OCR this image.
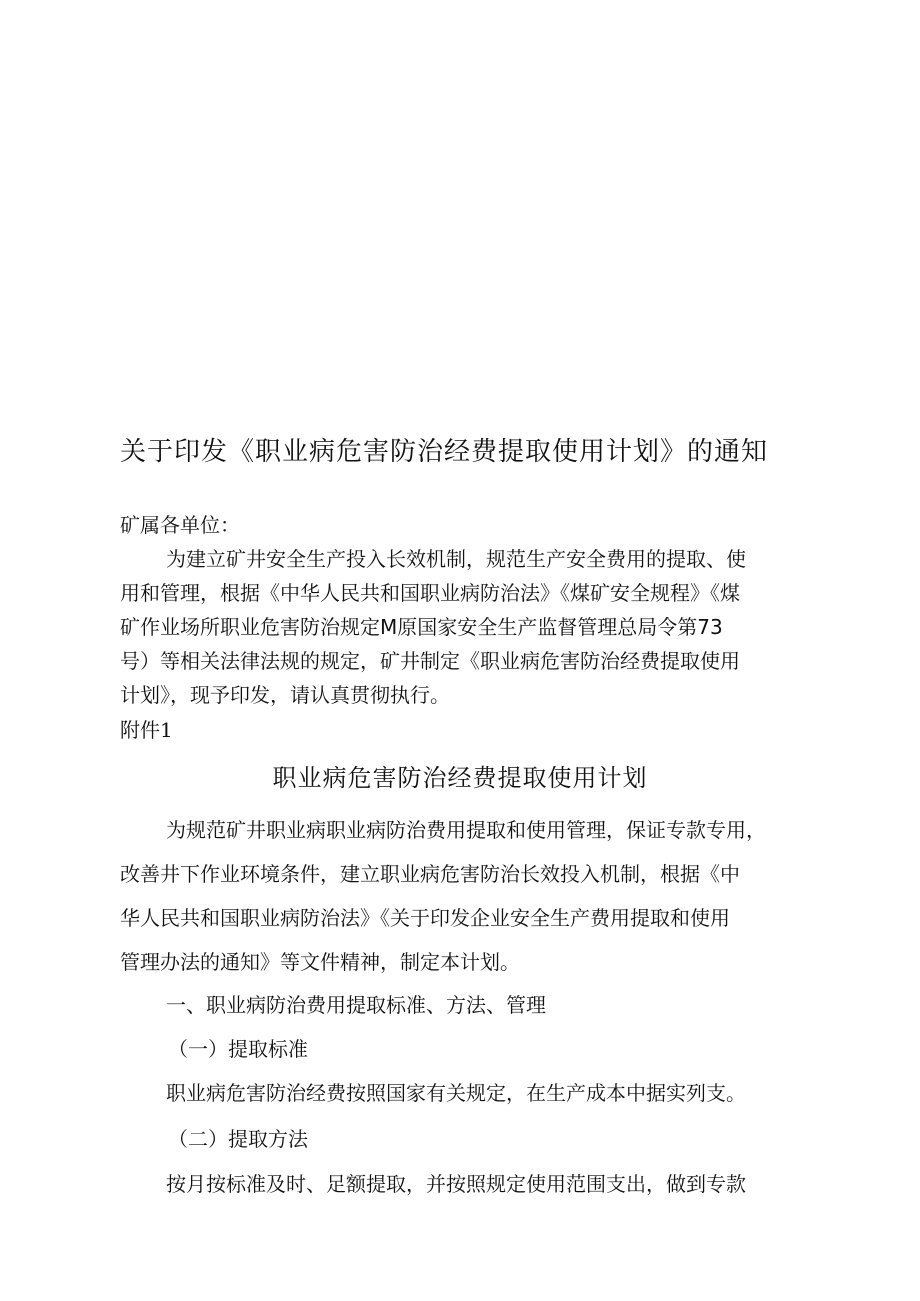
关于印发《职业病危害防治经费提取使用计划》的通知
矿属各单位：
为建立矿井安全生产投入长效机制，规范生产安全费用的提取、使
用和管理，根据《中华人民共和国职业病防治法》《煤矿安全规程》《煤
矿作业场所职业危害防治规定M原国家安全生产监督管理总局令第73
号）等相关法律法规的规定，矿井制定《职业病危害防治经费提取使用
计划》，现予印发，请认真贯彻执行。
附件1
职业病危害防治经费提取使用计划
为规范矿井职业病职业病防治费用提取和使用管理，保证专款专用，
改善井下作业环境条件，建立职业病危害防治长效投入机制，根据《中
华人民共和国职业病防治法》《关于印发企业安全生产费用提取和使用
管理办法的通知》等文件精神，制定本计划。
一、职业病防治费用提取标准、方法、管理
（一）提取标准
职业病危害防治经费按照国家有关规定，在生产成本中据实列支。
（二）提取方法
按月按标准及时、足额提取，并按照规定使用范围支出，做到专款
